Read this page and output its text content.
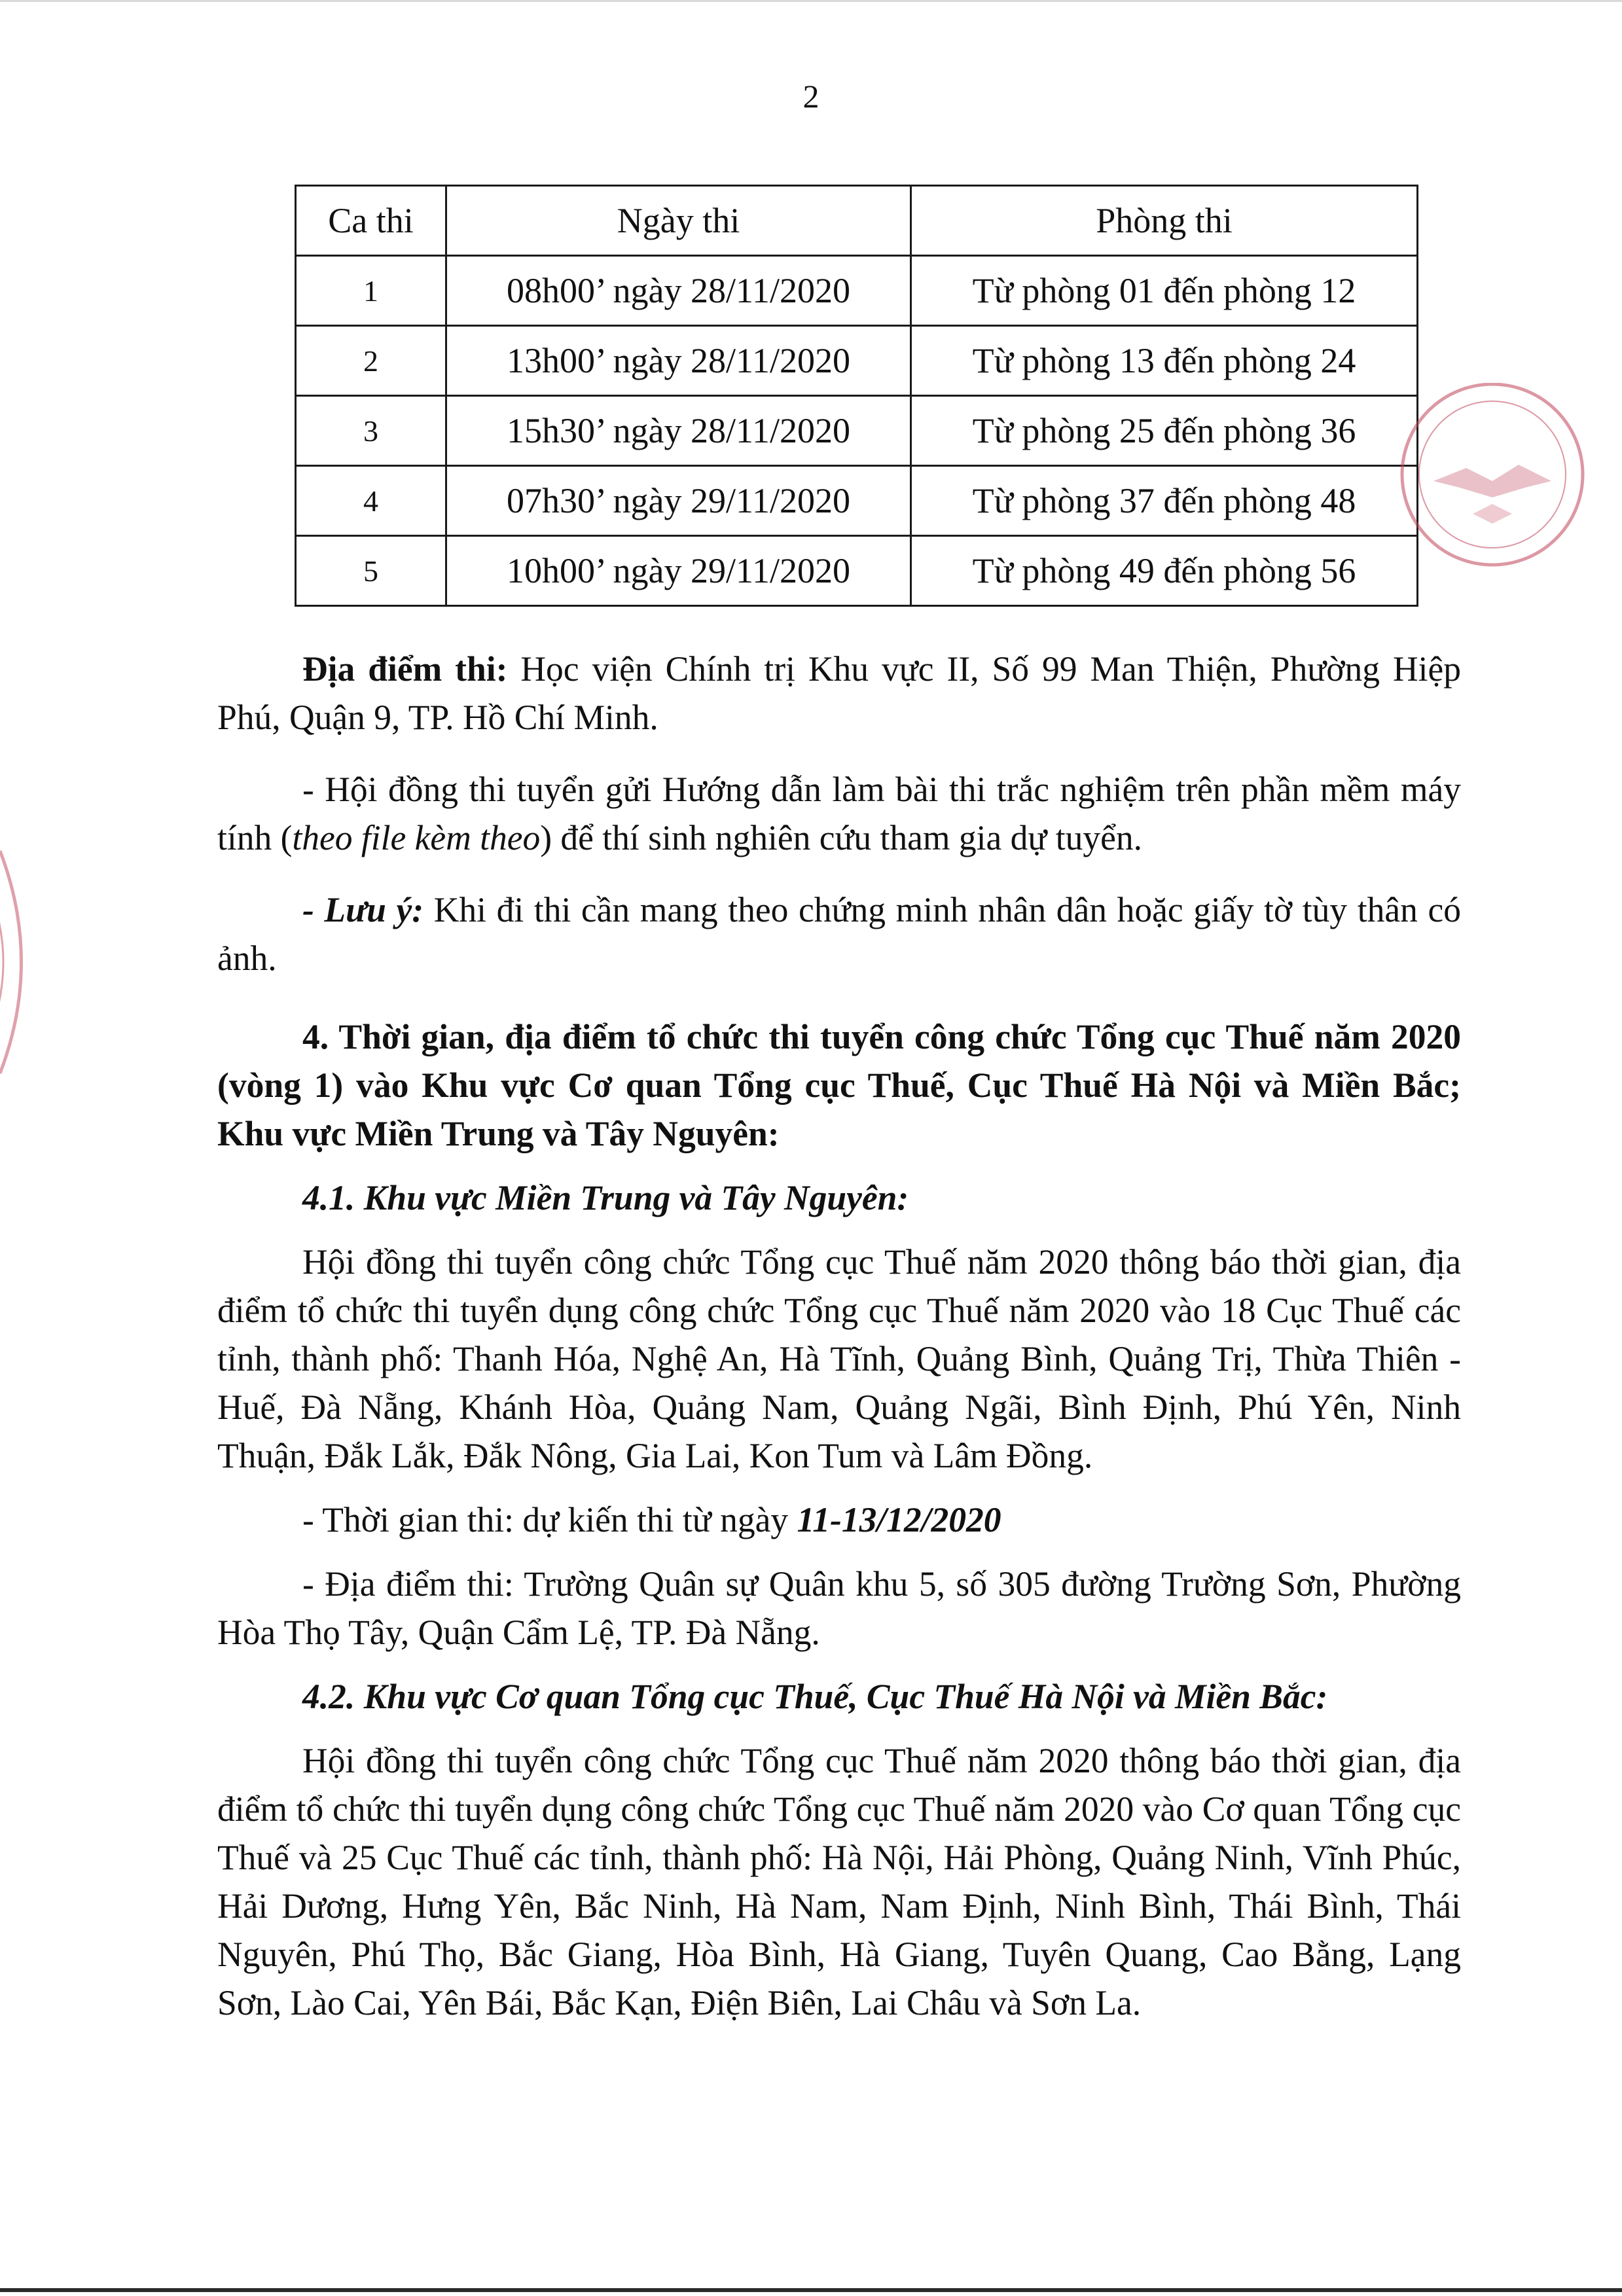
2
Ca thi	Ngày thi	Phòng thi
1	08h00’ ngày 28/11/2020	Từ phòng 01 đến phòng 12
2	13h00’ ngày 28/11/2020	Từ phòng 13 đến phòng 24
3	15h30’ ngày 28/11/2020	Từ phòng 25 đến phòng 36
4	07h30’ ngày 29/11/2020	Từ phòng 37 đến phòng 48
5	10h00’ ngày 29/11/2020	Từ phòng 49 đến phòng 56

Địa điểm thi: Học viện Chính trị Khu vực II, Số 99 Man Thiện, Phường Hiệp Phú, Quận 9, TP. Hồ Chí Minh.

- Hội đồng thi tuyển gửi Hướng dẫn làm bài thi trắc nghiệm trên phần mềm máy tính (theo file kèm theo) để thí sinh nghiên cứu tham gia dự tuyển.

- Lưu ý: Khi đi thi cần mang theo chứng minh nhân dân hoặc giấy tờ tùy thân có ảnh.

4. Thời gian, địa điểm tổ chức thi tuyển công chức Tổng cục Thuế năm 2020 (vòng 1) vào Khu vực Cơ quan Tổng cục Thuế, Cục Thuế Hà Nội và Miền Bắc; Khu vực Miền Trung và Tây Nguyên:

4.1. Khu vực Miền Trung và Tây Nguyên:

Hội đồng thi tuyển công chức Tổng cục Thuế năm 2020 thông báo thời gian, địa điểm tổ chức thi tuyển dụng công chức Tổng cục Thuế năm 2020 vào 18 Cục Thuế các tỉnh, thành phố: Thanh Hóa, Nghệ An, Hà Tĩnh, Quảng Bình, Quảng Trị, Thừa Thiên - Huế, Đà Nẵng, Khánh Hòa, Quảng Nam, Quảng Ngãi, Bình Định, Phú Yên, Ninh Thuận, Đắk Lắk, Đắk Nông, Gia Lai, Kon Tum và Lâm Đồng.

- Thời gian thi: dự kiến thi từ ngày 11-13/12/2020

- Địa điểm thi: Trường Quân sự Quân khu 5, số 305 đường Trường Sơn, Phường Hòa Thọ Tây, Quận Cẩm Lệ, TP. Đà Nẵng.

4.2. Khu vực Cơ quan Tổng cục Thuế, Cục Thuế Hà Nội và Miền Bắc:

Hội đồng thi tuyển công chức Tổng cục Thuế năm 2020 thông báo thời gian, địa điểm tổ chức thi tuyển dụng công chức Tổng cục Thuế năm 2020 vào Cơ quan Tổng cục Thuế và 25 Cục Thuế các tỉnh, thành phố: Hà Nội, Hải Phòng, Quảng Ninh, Vĩnh Phúc, Hải Dương, Hưng Yên, Bắc Ninh, Hà Nam, Nam Định, Ninh Bình, Thái Bình, Thái Nguyên, Phú Thọ, Bắc Giang, Hòa Bình, Hà Giang, Tuyên Quang, Cao Bằng, Lạng Sơn, Lào Cai, Yên Bái, Bắc Kạn, Điện Biên, Lai Châu và Sơn La.
